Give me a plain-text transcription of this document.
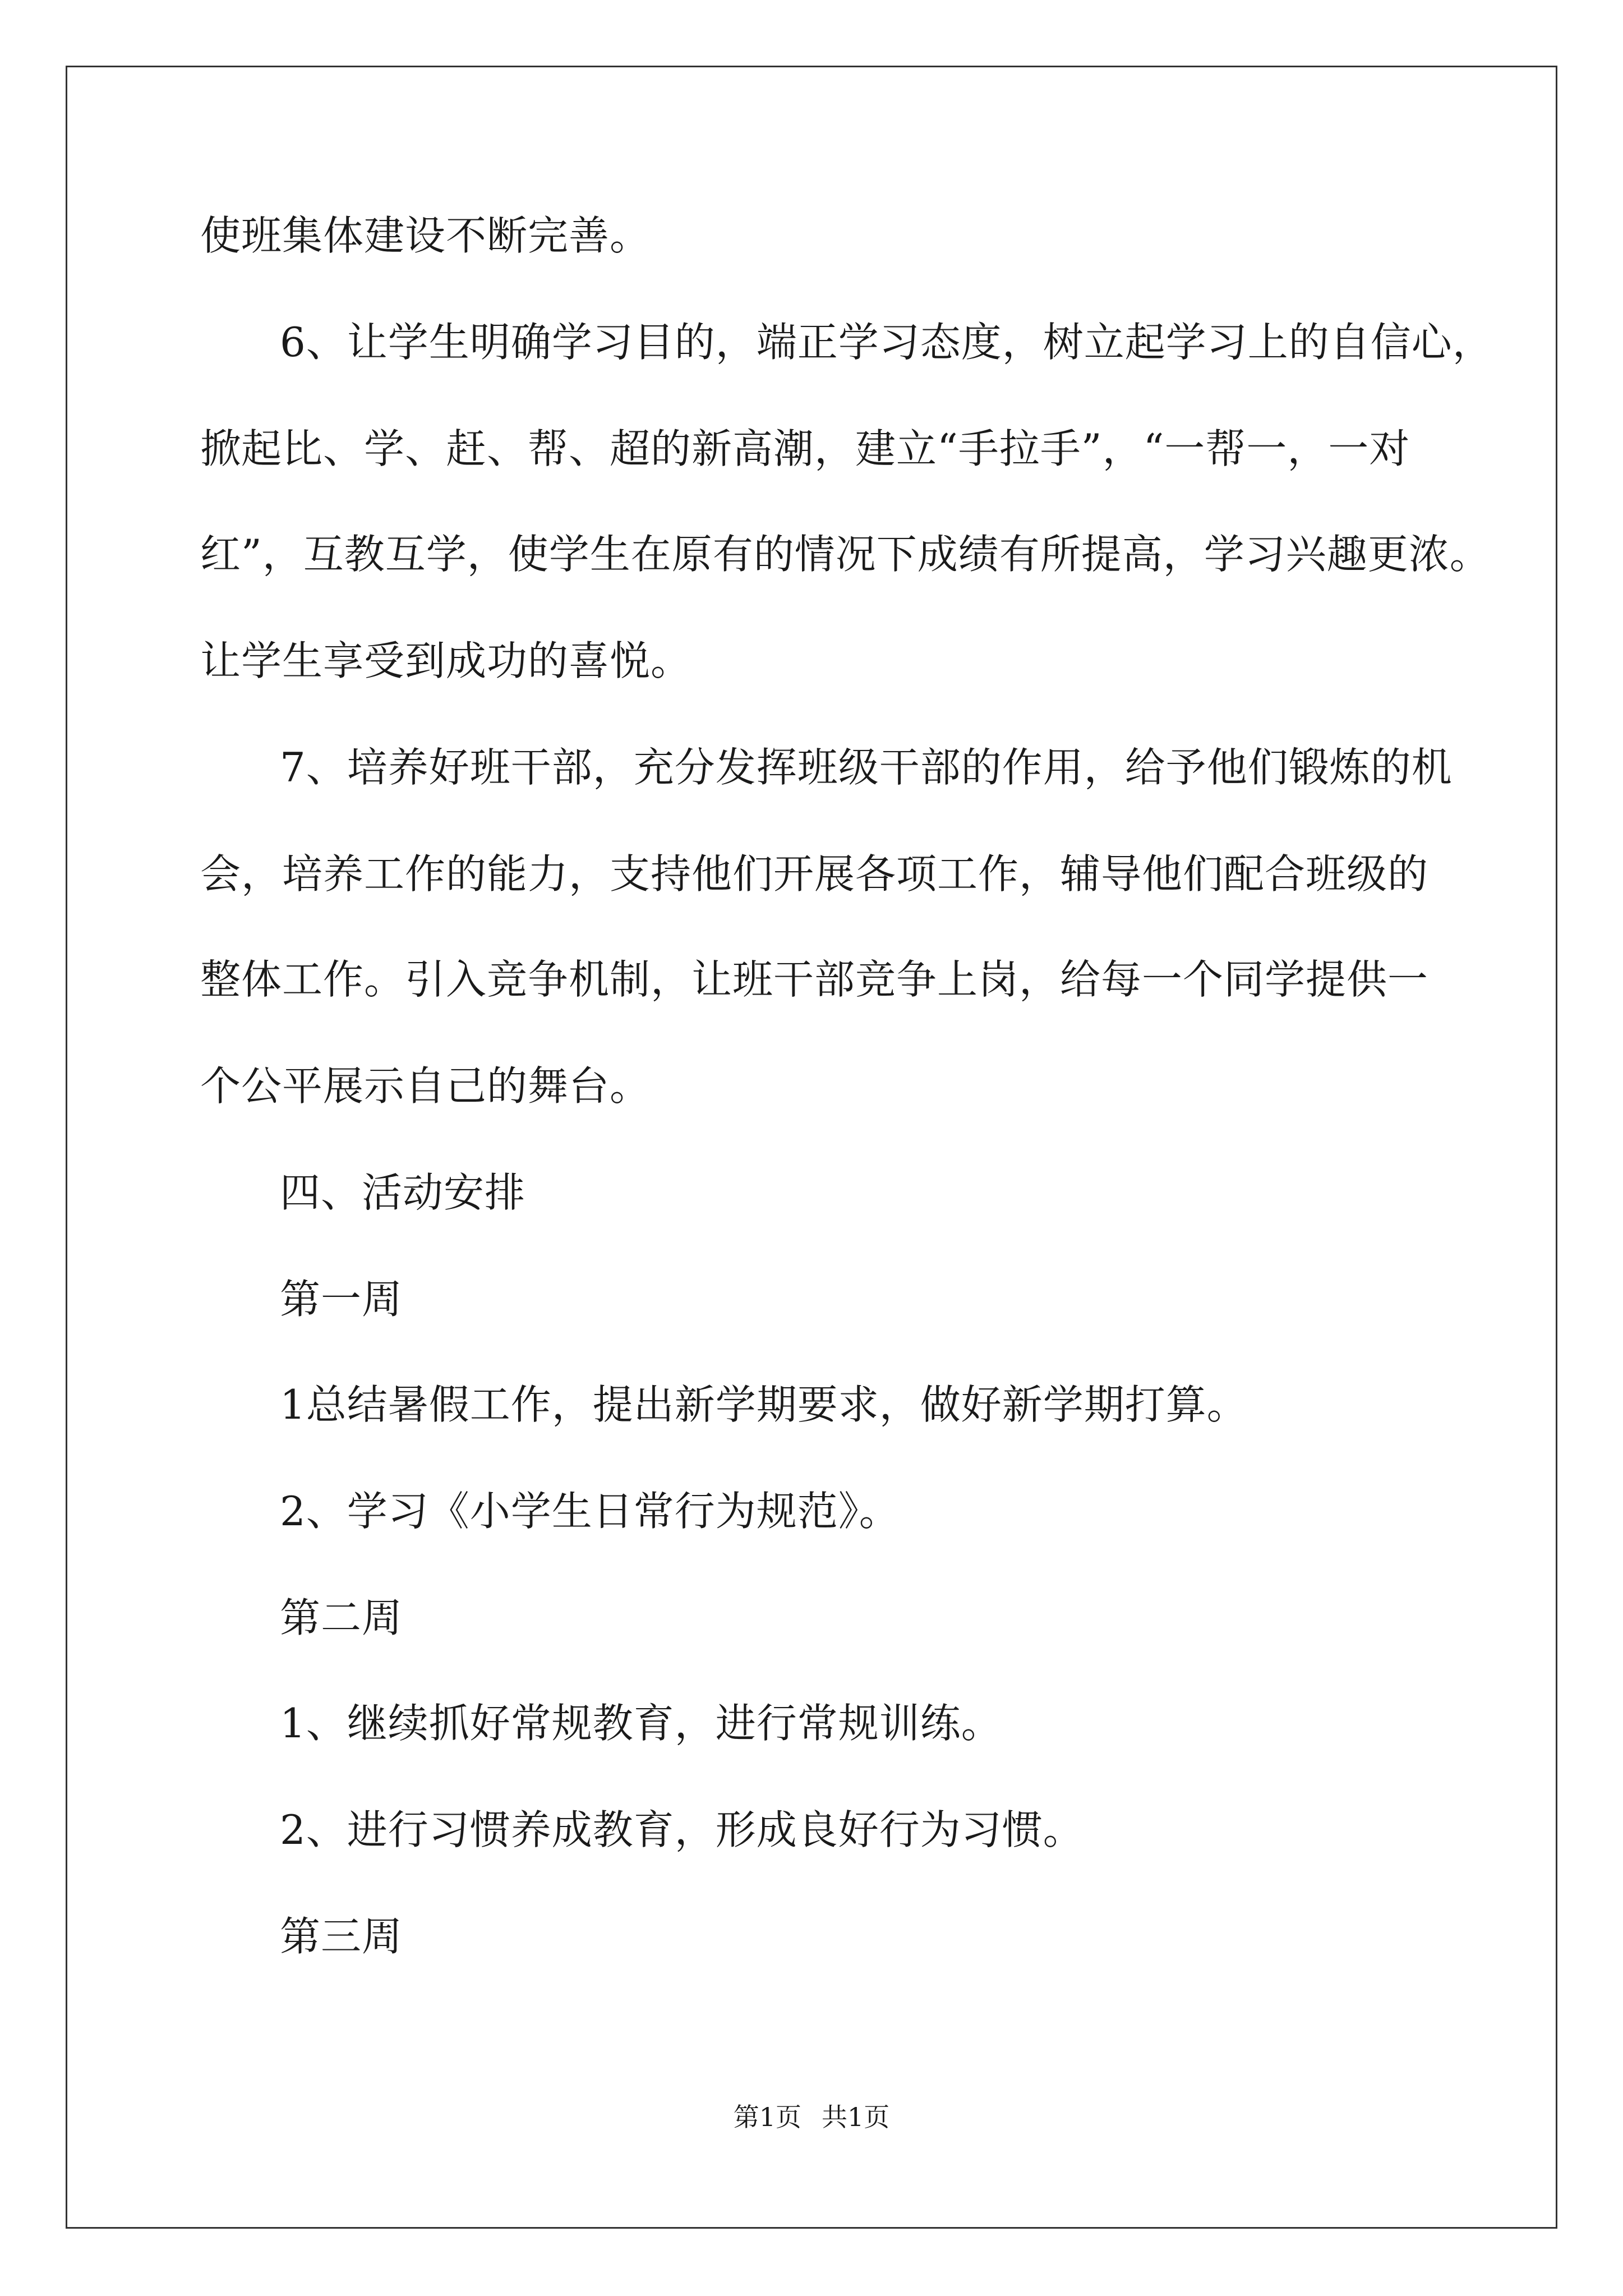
使班集体建设不断完善。
6、让学生明确学习目的，端正学习态度，树立起学习上的自信心，
掀起比、学、赶、帮、超的新高潮，建立“手拉手”，“一帮一，一对
红”，互教互学，使学生在原有的情况下成绩有所提高，学习兴趣更浓。
让学生享受到成功的喜悦。
7、培养好班干部，充分发挥班级干部的作用，给予他们锻炼的机
会，培养工作的能力，支持他们开展各项工作，辅导他们配合班级的
整体工作。引入竞争机制，让班干部竞争上岗，给每一个同学提供一
个公平展示自己的舞台。
四、活动安排
第一周
1总结暑假工作，提出新学期要求，做好新学期打算。
2、学习《小学生日常行为规范》。
第二周
1、继续抓好常规教育，进行常规训练。
2、进行习惯养成教育，形成良好行为习惯。
第三周
第1页 共1页
